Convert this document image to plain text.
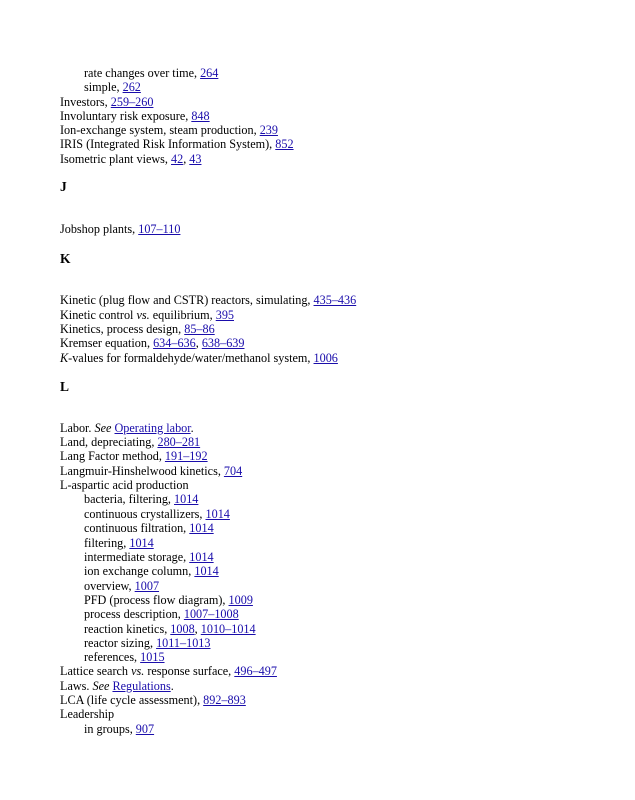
rate changes over time, 264
simple, 262
Investors, 259–260
Involuntary risk exposure, 848
Ion-exchange system, steam production, 239
IRIS (Integrated Risk Information System), 852
Isometric plant views, 42, 43
J
Jobshop plants, 107–110
K
Kinetic (plug flow and CSTR) reactors, simulating, 435–436
Kinetic control vs. equilibrium, 395
Kinetics, process design, 85–86
Kremser equation, 634–636, 638–639
K-values for formaldehyde/water/methanol system, 1006
L
Labor. See Operating labor.
Land, depreciating, 280–281
Lang Factor method, 191–192
Langmuir-Hinshelwood kinetics, 704
L-aspartic acid production
bacteria, filtering, 1014
continuous crystallizers, 1014
continuous filtration, 1014
filtering, 1014
intermediate storage, 1014
ion exchange column, 1014
overview, 1007
PFD (process flow diagram), 1009
process description, 1007–1008
reaction kinetics, 1008, 1010–1014
reactor sizing, 1011–1013
references, 1015
Lattice search vs. response surface, 496–497
Laws. See Regulations.
LCA (life cycle assessment), 892–893
Leadership
in groups, 907
